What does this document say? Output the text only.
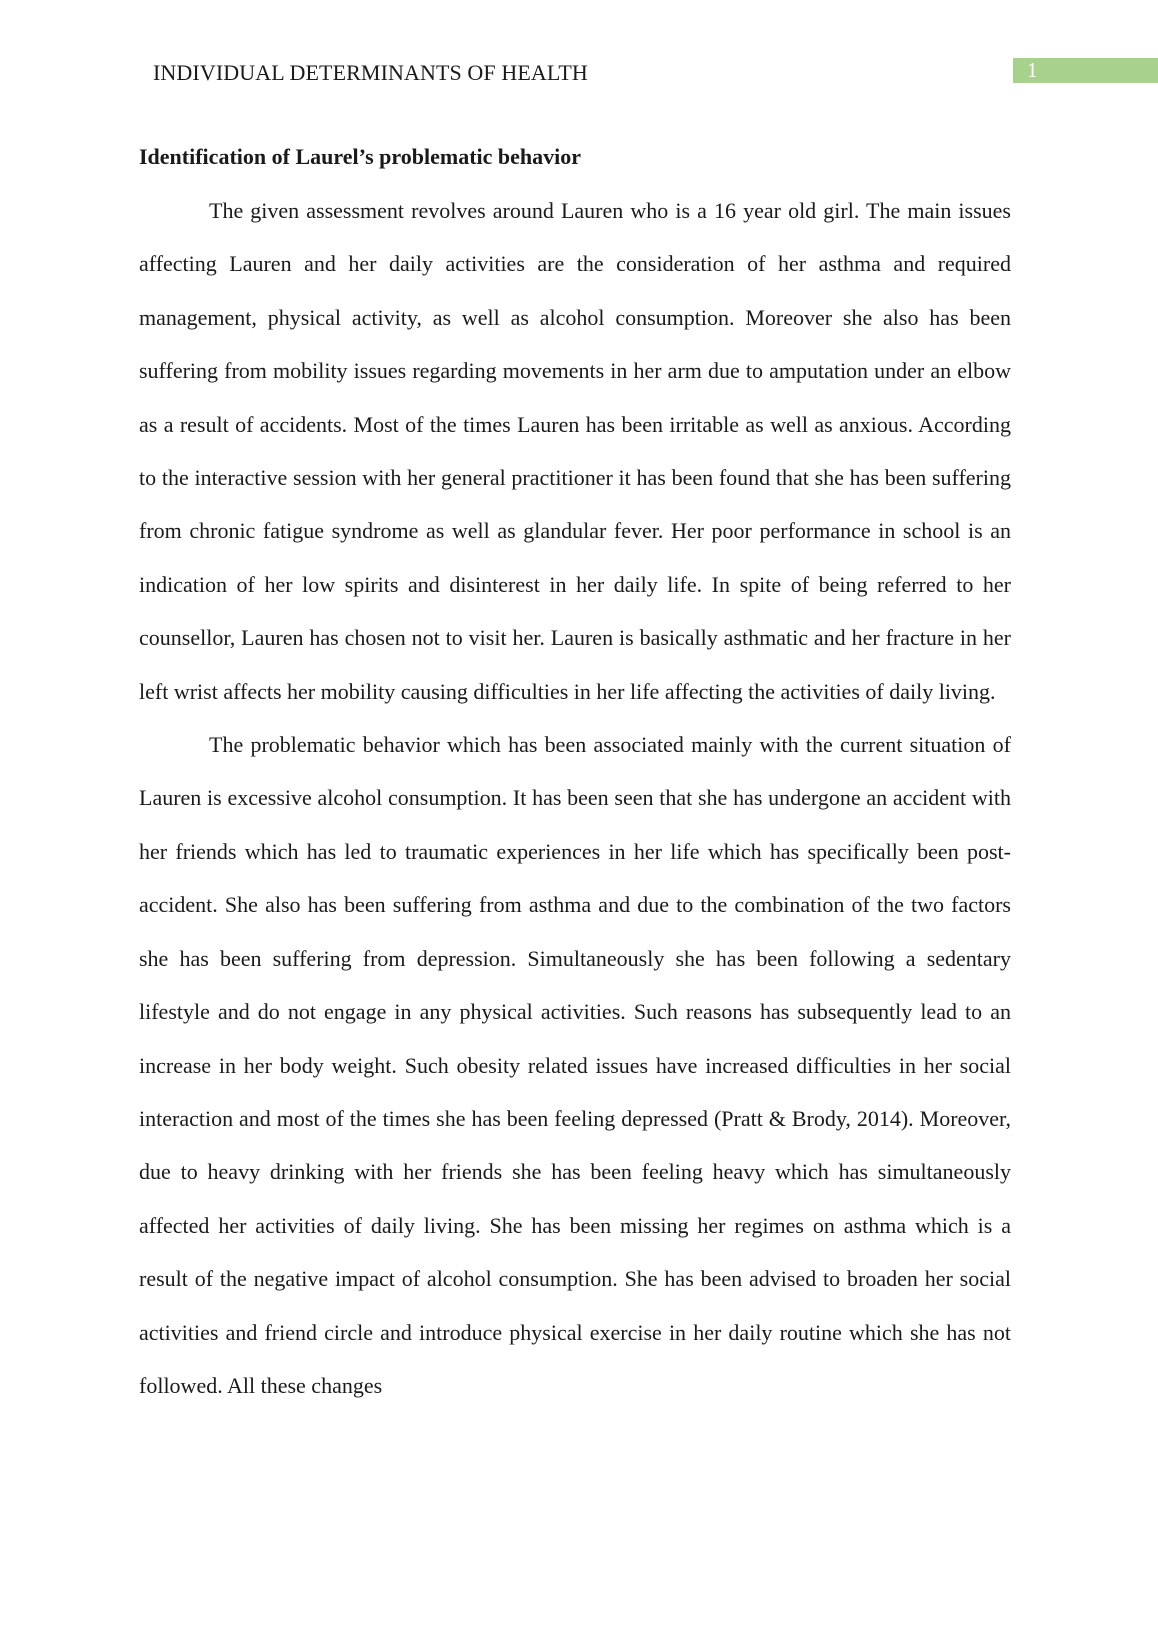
INDIVIDUAL DETERMINANTS OF HEALTH	1
Identification of Laurel’s problematic behavior

The given assessment revolves around Lauren who is a 16 year old girl. The main issues affecting Lauren and her daily activities are the consideration of her asthma and required management, physical activity, as well as alcohol consumption. Moreover she also has been suffering from mobility issues regarding movements in her arm due to amputation under an elbow as a result of accidents. Most of the times Lauren has been irritable as well as anxious. According to the interactive session with her general practitioner it has been found that she has been suffering from chronic fatigue syndrome as well as glandular fever. Her poor performance in school is an indication of her low spirits and disinterest in her daily life. In spite of being referred to her counsellor, Lauren has chosen not to visit her. Lauren is basically asthmatic and her fracture in her left wrist affects her mobility causing difficulties in her life affecting the activities of daily living.

The problematic behavior which has been associated mainly with the current situation of Lauren is excessive alcohol consumption. It has been seen that she has undergone an accident with her friends which has led to traumatic experiences in her life which has specifically been post-accident. She also has been suffering from asthma and due to the combination of the two factors she has been suffering from depression. Simultaneously she has been following a sedentary lifestyle and do not engage in any physical activities. Such reasons has subsequently lead to an increase in her body weight. Such obesity related issues have increased difficulties in her social interaction and most of the times she has been feeling depressed (Pratt & Brody, 2014). Moreover, due to heavy drinking with her friends she has been feeling heavy which has simultaneously affected her activities of daily living. She has been missing her regimes on asthma which is a result of the negative impact of alcohol consumption. She has been advised to broaden her social activities and friend circle and introduce physical exercise in her daily routine which she has not followed. All these changes
